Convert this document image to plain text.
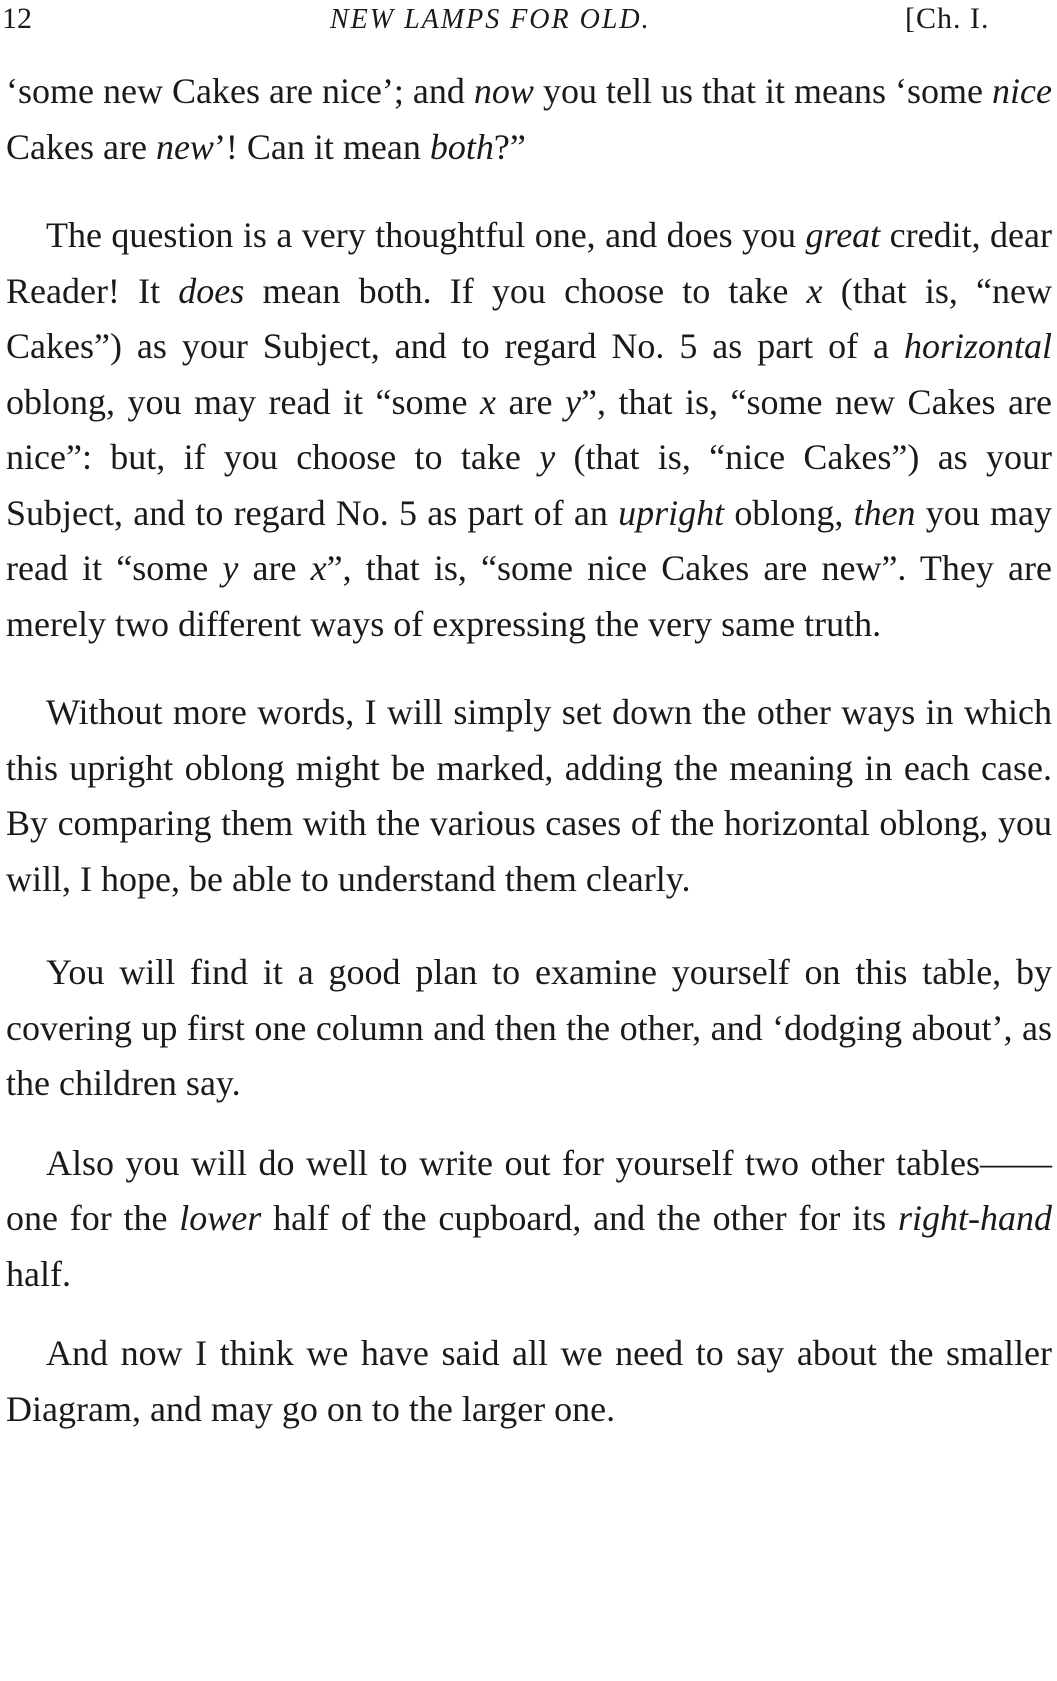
12	NEW LAMPS FOR OLD.	[Ch. I.

‘some new Cakes are nice’; and now you tell us that it means ‘some nice Cakes are new’! Can it mean both?”

The question is a very thoughtful one, and does you great credit, dear Reader! It does mean both. If you choose to take x (that is, “new Cakes”) as your Subject, and to regard No. 5 as part of a horizontal oblong, you may read it “some x are y”, that is, “some new Cakes are nice”: but, if you choose to take y (that is, “nice Cakes”) as your Subject, and to regard No. 5 as part of an upright oblong, then you may read it “some y are x”, that is, “some nice Cakes are new”. They are merely two different ways of expressing the very same truth.

Without more words, I will simply set down the other ways in which this upright oblong might be marked, adding the meaning in each case. By comparing them with the various cases of the horizontal oblong, you will, I hope, be able to understand them clearly.

You will find it a good plan to examine yourself on this table, by covering up first one column and then the other, and ‘dodging about’, as the children say.

Also you will do well to write out for yourself two other tables——one for the lower half of the cupboard, and the other for its right-hand half.

And now I think we have said all we need to say about the smaller Diagram, and may go on to the larger one.
